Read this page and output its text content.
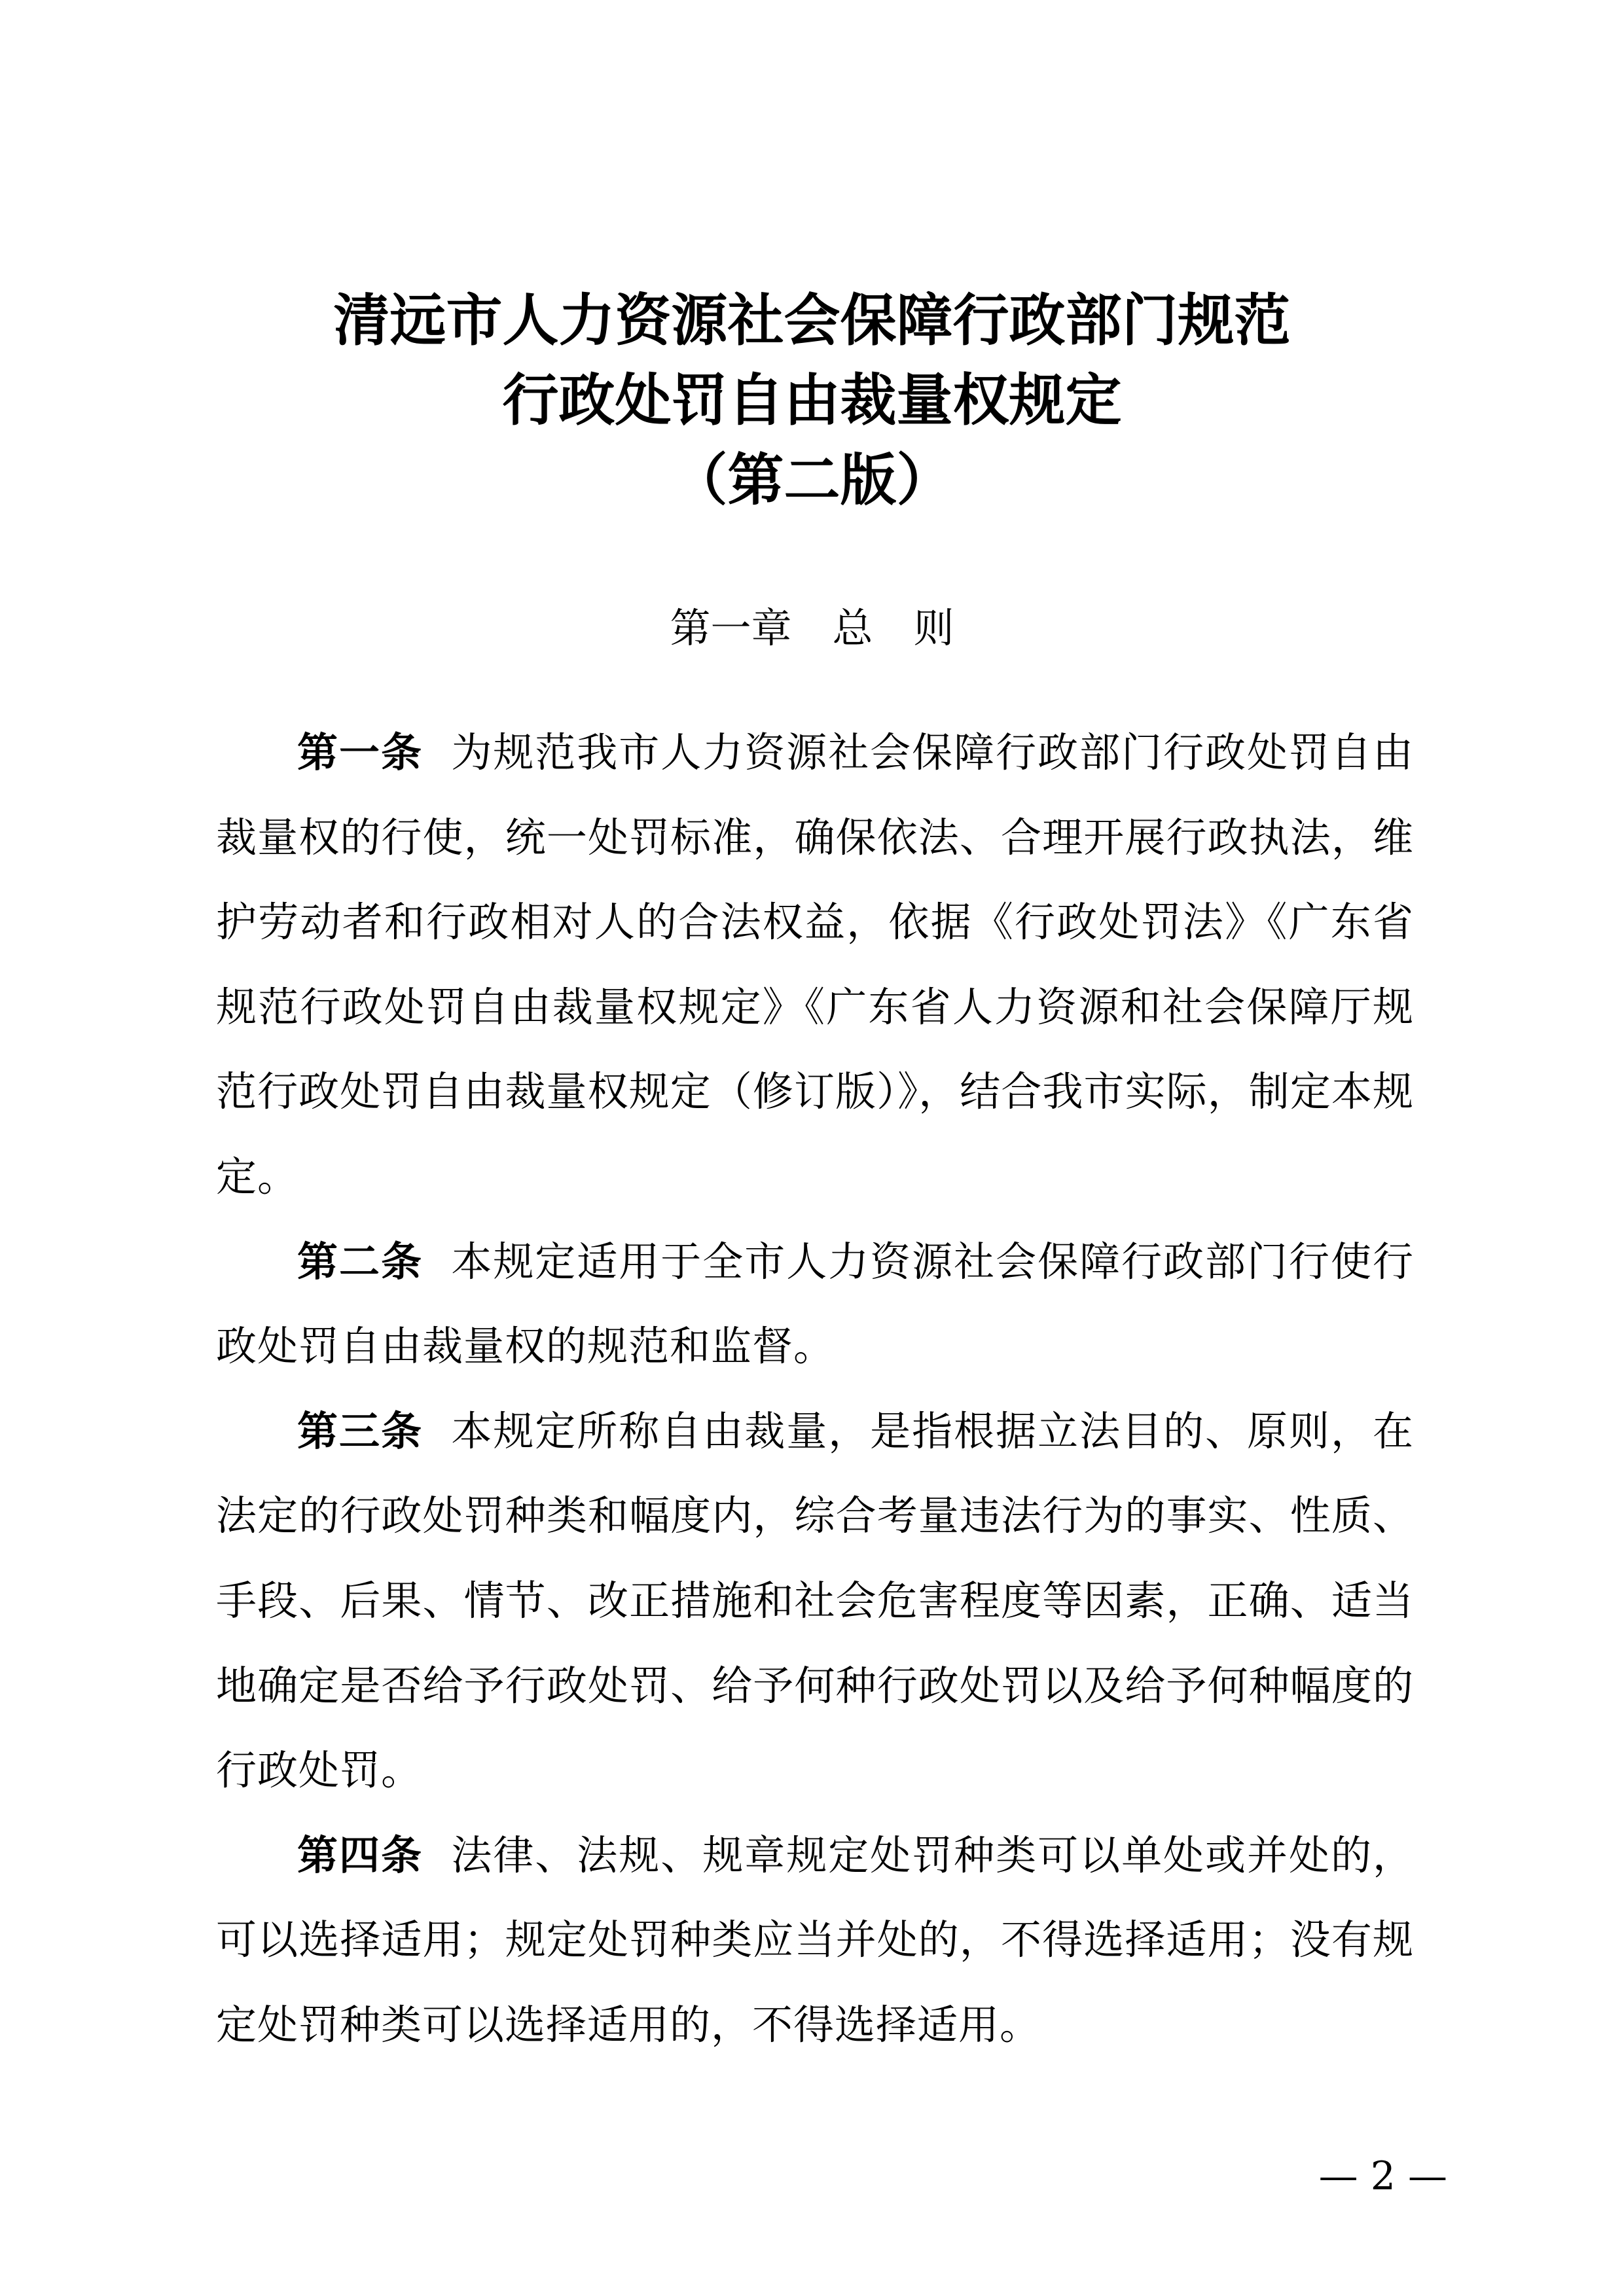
清远市人力资源社会保障行政部门规范
行政处罚自由裁量权规定
（第二版）
第一章　总　则

第一条 为规范我市人力资源社会保障行政部门行政处罚自由裁量权的行使，统一处罚标准，确保依法、合理开展行政执法，维护劳动者和行政相对人的合法权益，依据《行政处罚法》《广东省规范行政处罚自由裁量权规定》《广东省人力资源和社会保障厅规范行政处罚自由裁量权规定（修订版）》，结合我市实际，制定本规定。

第二条 本规定适用于全市人力资源社会保障行政部门行使行政处罚自由裁量权的规范和监督。

第三条 本规定所称自由裁量，是指根据立法目的、原则，在法定的行政处罚种类和幅度内，综合考量违法行为的事实、性质、手段、后果、情节、改正措施和社会危害程度等因素，正确、适当地确定是否给予行政处罚、给予何种行政处罚以及给予何种幅度的行政处罚。

第四条 法律、法规、规章规定处罚种类可以单处或并处的，可以选择适用；规定处罚种类应当并处的，不得选择适用；没有规定处罚种类可以选择适用的，不得选择适用。

— 2 —
